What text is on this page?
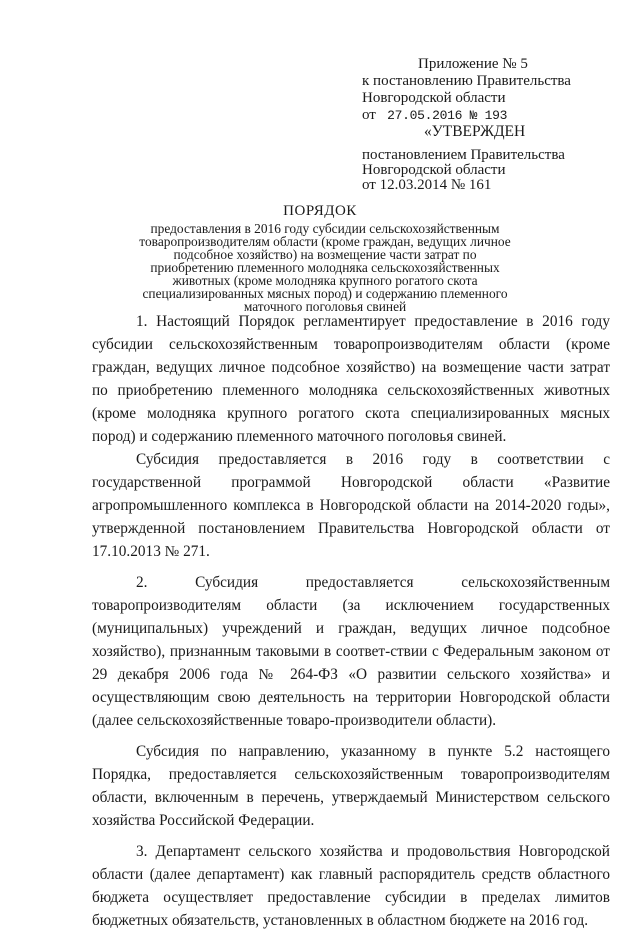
Приложение № 5
к постановлению Правительства
Новгородской области
от 27.05.2016 № 193
«УТВЕРЖДЕН
постановлением Правительства
Новгородской области
от 12.03.2014 № 161
ПОРЯДОК
предоставления в 2016 году субсидии сельскохозяйственным товаропроизводителям области (кроме граждан, ведущих личное подсобное хозяйство) на возмещение части затрат по приобретению племенного молодняка сельскохозяйственных животных (кроме молодняка крупного рогатого скота специализированных мясных пород) и содержанию племенного маточного поголовья свиней

1. Настоящий Порядок регламентирует предоставление в 2016 году субсидии сельскохозяйственным товаропроизводителям области (кроме граждан, ведущих личное подсобное хозяйство) на возмещение части затрат по приобретению племенного молодняка сельскохозяйственных животных (кроме молодняка крупного рогатого скота специализированных мясных пород) и содержанию племенного маточного поголовья свиней.

Субсидия предоставляется в 2016 году в соответствии с государственной программой Новгородской области «Развитие агропромышленного комплекса в Новгородской области на 2014-2020 годы», утвержденной постановлением Правительства Новгородской области от 17.10.2013 № 271.

2. Субсидия предоставляется сельскохозяйственным товаропроизводителям области (за исключением государственных (муниципальных) учреждений и граждан, ведущих личное подсобное хозяйство), признанным таковыми в соответ-ствии с Федеральным законом от 29 декабря 2006 года № 264-ФЗ «О развитии сельского хозяйства» и осуществляющим свою деятельность на территории Новгородской области (далее сельскохозяйственные товаро-производители области).

Субсидия по направлению, указанному в пункте 5.2 настоящего Порядка, предоставляется сельскохозяйственным товаропроизводителям области, включенным в перечень, утверждаемый Министерством сельского хозяйства Российской Федерации.

3. Департамент сельского хозяйства и продовольствия Новгородской области (далее департамент) как главный распорядитель средств областного бюджета осуществляет предоставление субсидии в пределах лимитов бюджетных обязательств, установленных в областном бюджете на 2016 год.
